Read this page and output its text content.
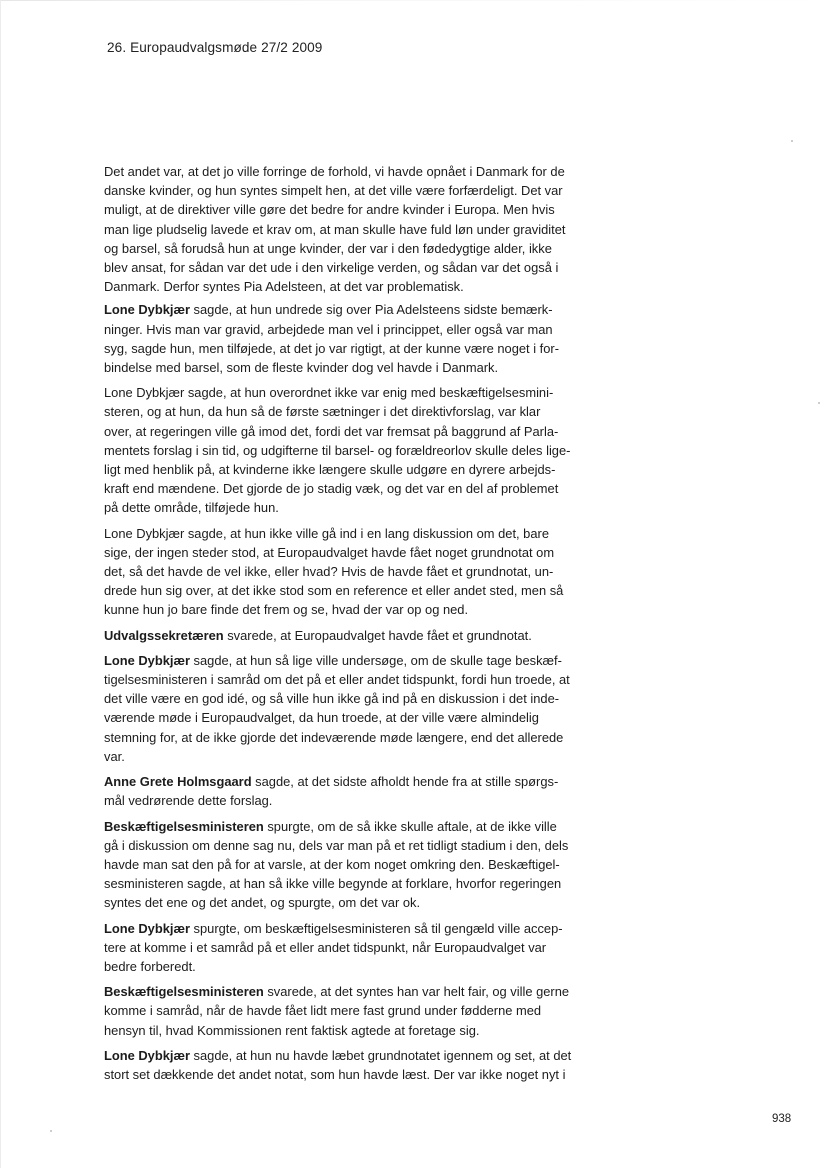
26. Europaudvalgsmøde 27/2 2009
Det andet var, at det jo ville forringe de forhold, vi havde opnået i Danmark for de
danske kvinder, og hun syntes simpelt hen, at det ville være forfærdeligt. Det var
muligt, at de direktiver ville gøre det bedre for andre kvinder i Europa. Men hvis
man lige pludselig lavede et krav om, at man skulle have fuld løn under graviditet
og barsel, så forudså hun at unge kvinder, der var i den fødedygtige alder, ikke
blev ansat, for sådan var det ude i den virkelige verden, og sådan var det også i
Danmark. Derfor syntes Pia Adelsteen, at det var problematisk.
Lone Dybkjær sagde, at hun undrede sig over Pia Adelsteens sidste bemærk-
ninger. Hvis man var gravid, arbejdede man vel i princippet, eller også var man
syg, sagde hun, men tilføjede, at det jo var rigtigt, at der kunne være noget i for-
bindelse med barsel, som de fleste kvinder dog vel havde i Danmark.
Lone Dybkjær sagde, at hun overordnet ikke var enig med beskæftigelsesmini-
steren, og at hun, da hun så de første sætninger i det direktivforslag, var klar
over, at regeringen ville gå imod det, fordi det var fremsat på baggrund af Parla-
mentets forslag i sin tid, og udgifterne til barsel- og forældreorlov skulle deles lige-
ligt med henblik på, at kvinderne ikke længere skulle udgøre en dyrere arbejds-
kraft end mændene. Det gjorde de jo stadig væk, og det var en del af problemet
på dette område, tilføjede hun.
Lone Dybkjær sagde, at hun ikke ville gå ind i en lang diskussion om det, bare
sige, der ingen steder stod, at Europaudvalget havde fået noget grundnotat om
det, så det havde de vel ikke, eller hvad? Hvis de havde fået et grundnotat, un-
drede hun sig over, at det ikke stod som en reference et eller andet sted, men så
kunne hun jo bare finde det frem og se, hvad der var op og ned.
Udvalgssekretæren svarede, at Europaudvalget havde fået et grundnotat.
Lone Dybkjær sagde, at hun så lige ville undersøge, om de skulle tage beskæf-
tigelsesministeren i samråd om det på et eller andet tidspunkt, fordi hun troede, at
det ville være en god idé, og så ville hun ikke gå ind på en diskussion i det inde-
værende møde i Europaudvalget, da hun troede, at der ville være almindelig
stemning for, at de ikke gjorde det indeværende møde længere, end det allerede
var.
Anne Grete Holmsgaard sagde, at det sidste afholdt hende fra at stille spørgs-
mål vedrørende dette forslag.
Beskæftigelsesministeren spurgte, om de så ikke skulle aftale, at de ikke ville
gå i diskussion om denne sag nu, dels var man på et ret tidligt stadium i den, dels
havde man sat den på for at varsle, at der kom noget omkring den. Beskæftigel-
sesministeren sagde, at han så ikke ville begynde at forklare, hvorfor regeringen
syntes det ene og det andet, og spurgte, om det var ok.
Lone Dybkjær spurgte, om beskæftigelsesministeren så til gengæld ville accep-
tere at komme i et samråd på et eller andet tidspunkt, når Europaudvalget var
bedre forberedt.
Beskæftigelsesministeren svarede, at det syntes han var helt fair, og ville gerne
komme i samråd, når de havde fået lidt mere fast grund under fødderne med
hensyn til, hvad Kommissionen rent faktisk agtede at foretage sig.
Lone Dybkjær sagde, at hun nu havde læbet grundnotatet igennem og set, at det
stort set dækkende det andet notat, som hun havde læst. Der var ikke noget nyt i
938
